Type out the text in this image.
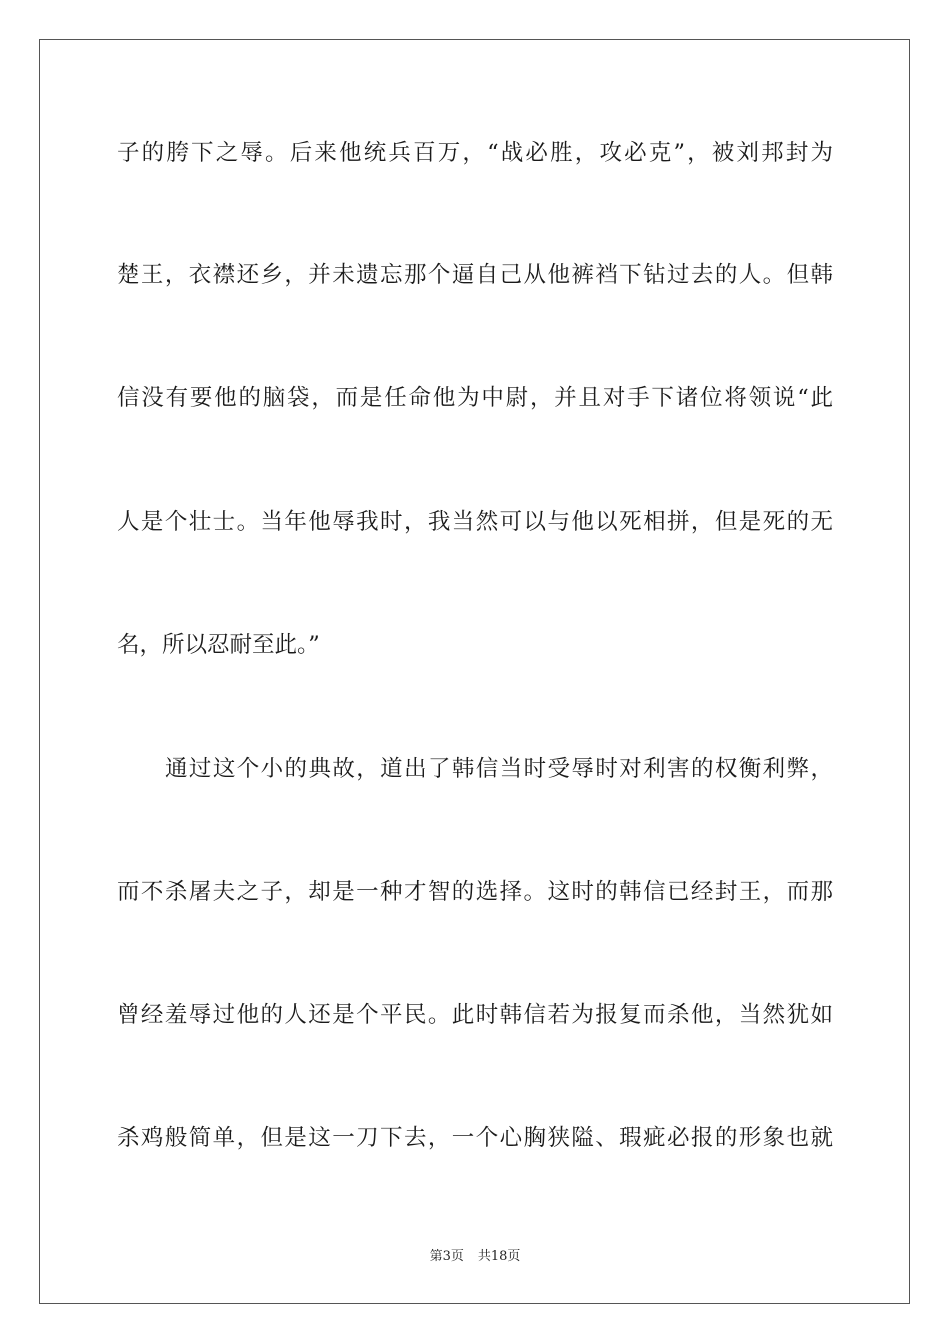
子的胯下之辱。后来他统兵百万，“战必胜，攻必克”，被刘邦封为
楚王，衣襟还乡，并未遗忘那个逼自己从他裤裆下钻过去的人。但韩
信没有要他的脑袋，而是任命他为中尉，并且对手下诸位将领说“此
人是个壮士。当年他辱我时，我当然可以与他以死相拼，但是死的无
名，所以忍耐至此。”
通过这个小的典故，道出了韩信当时受辱时对利害的权衡利弊，
而不杀屠夫之子，却是一种才智的选择。这时的韩信已经封王，而那
曾经羞辱过他的人还是个平民。此时韩信若为报复而杀他，当然犹如
杀鸡般简单，但是这一刀下去，一个心胸狭隘、瑕疵必报的形象也就
第3页 共18页
